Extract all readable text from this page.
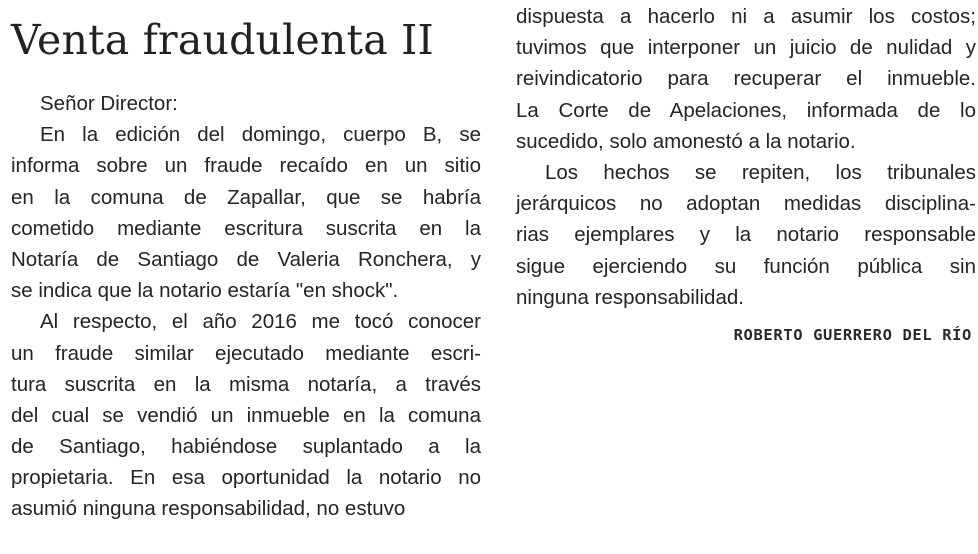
Venta fraudulenta II
Señor Director:
En la edición del domingo, cuerpo B, se
informa sobre un fraude recaído en un sitio
en la comuna de Zapallar, que se habría
cometido mediante escritura suscrita en la
Notaría de Santiago de Valeria Ronchera, y
se indica que la notario estaría "en shock".
Al respecto, el año 2016 me tocó conocer
un fraude similar ejecutado mediante escri-
tura suscrita en la misma notaría, a través
del cual se vendió un inmueble en la comuna
de Santiago, habiéndose suplantado a la
propietaria. En esa oportunidad la notario no
asumió ninguna responsabilidad, no estuvo
dispuesta a hacerlo ni a asumir los costos;
tuvimos que interponer un juicio de nulidad y
reivindicatorio para recuperar el inmueble.
La Corte de Apelaciones, informada de lo
sucedido, solo amonestó a la notario.
Los hechos se repiten, los tribunales
jerárquicos no adoptan medidas disciplina-
rias ejemplares y la notario responsable
sigue ejerciendo su función pública sin
ninguna responsabilidad.
ROBERTO GUERRERO DEL RÍO
